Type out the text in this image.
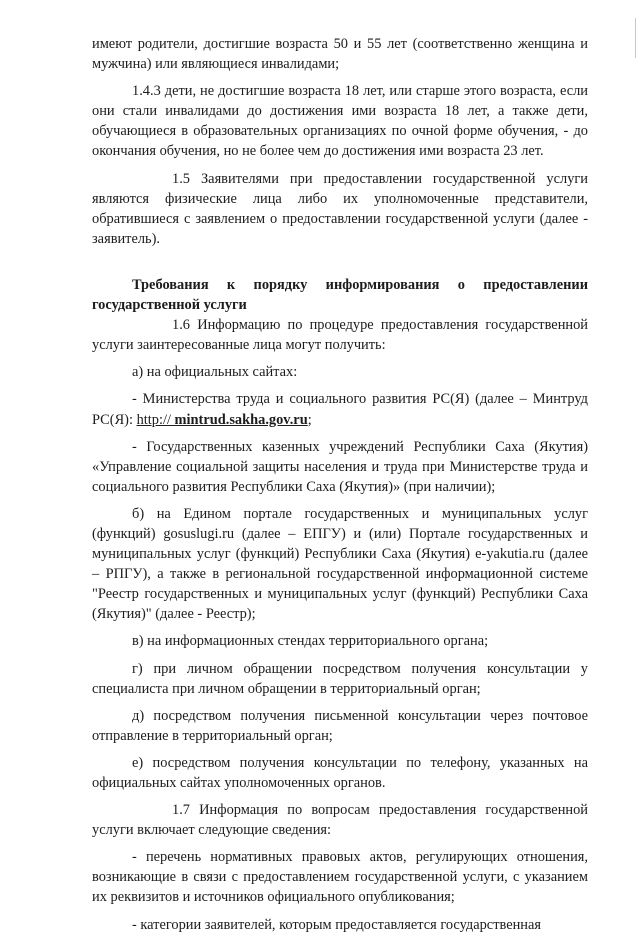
имеют родители, достигшие возраста 50 и 55 лет (соответственно женщина и мужчина) или являющиеся инвалидами;

1.4.3 дети, не достигшие возраста 18 лет, или старше этого возраста, если они стали инвалидами до достижения ими возраста 18 лет, а также дети, обучающиеся в образовательных организациях по очной форме обучения, - до окончания обучения, но не более чем до достижения ими возраста 23 лет.

1.5 Заявителями при предоставлении государственной услуги являются физические лица либо их уполномоченные представители, обратившиеся с заявлением о предоставлении государственной услуги (далее - заявитель).

Требования к порядку информирования о предоставлении государственной услуги

1.6 Информацию по процедуре предоставления государственной услуги заинтересованные лица могут получить:

а) на официальных сайтах:

- Министерства труда и социального развития РС(Я) (далее – Минтруд РС(Я): http:// mintrud.sakha.gov.ru;

- Государственных казенных учреждений Республики Саха (Якутия) «Управление социальной защиты населения и труда при Министерстве труда и социального развития Республики Саха (Якутия)» (при наличии);

б) на Едином портале государственных и муниципальных услуг (функций) gosuslugi.ru (далее – ЕПГУ) и (или) Портале государственных и муниципальных услуг (функций) Республики Саха (Якутия) e-yakutia.ru (далее – РПГУ), а также в региональной государственной информационной системе "Реестр государственных и муниципальных услуг (функций) Республики Саха (Якутия)" (далее - Реестр);

в) на информационных стендах территориального органа;

г) при личном обращении посредством получения консультации у специалиста при личном обращении в территориальный орган;

д) посредством получения письменной консультации через почтовое отправление в территориальный орган;

е) посредством получения консультации по телефону, указанных на официальных сайтах уполномоченных органов.

1.7 Информация по вопросам предоставления государственной услуги включает следующие сведения:

- перечень нормативных правовых актов, регулирующих отношения, возникающие в связи с предоставлением государственной услуги, с указанием их реквизитов и источников официального опубликования;

- категории заявителей, которым предоставляется государственная
